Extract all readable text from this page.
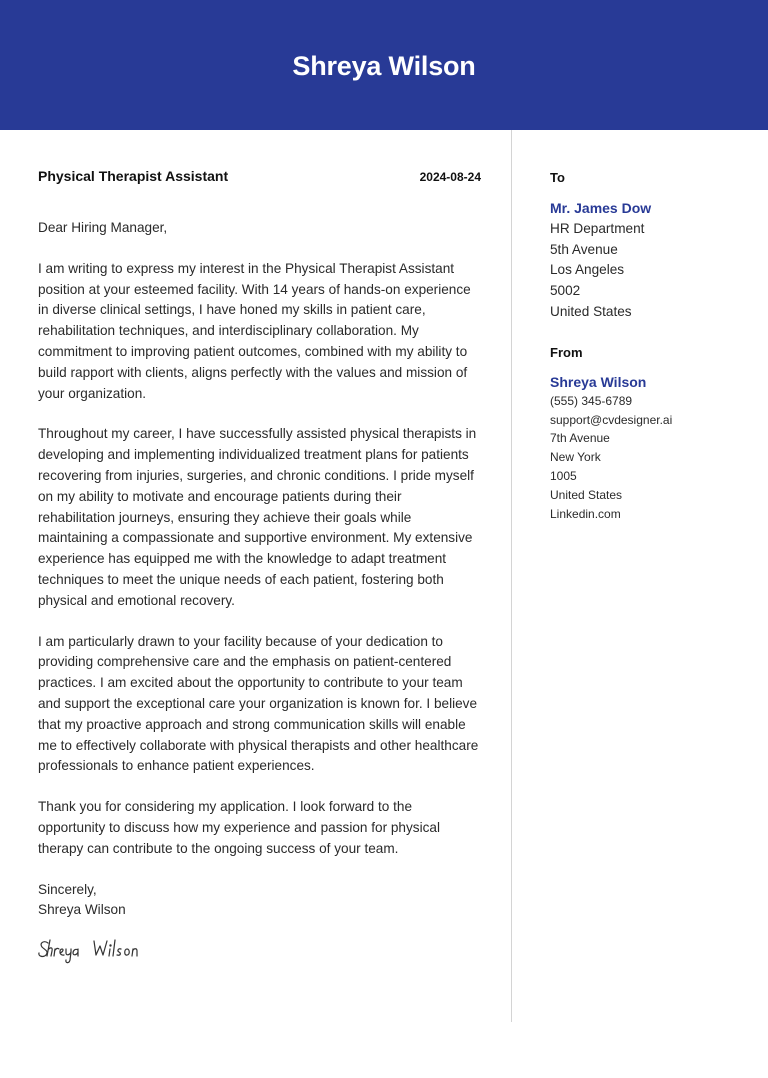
Shreya Wilson
Physical Therapist Assistant	2024-08-24
Dear Hiring Manager,
I am writing to express my interest in the Physical Therapist Assistant position at your esteemed facility. With 14 years of hands-on experience in diverse clinical settings, I have honed my skills in patient care, rehabilitation techniques, and interdisciplinary collaboration. My commitment to improving patient outcomes, combined with my ability to build rapport with clients, aligns perfectly with the values and mission of your organization.
Throughout my career, I have successfully assisted physical therapists in developing and implementing individualized treatment plans for patients recovering from injuries, surgeries, and chronic conditions. I pride myself on my ability to motivate and encourage patients during their rehabilitation journeys, ensuring they achieve their goals while maintaining a compassionate and supportive environment. My extensive experience has equipped me with the knowledge to adapt treatment techniques to meet the unique needs of each patient, fostering both physical and emotional recovery.
I am particularly drawn to your facility because of your dedication to providing comprehensive care and the emphasis on patient-centered practices. I am excited about the opportunity to contribute to your team and support the exceptional care your organization is known for. I believe that my proactive approach and strong communication skills will enable me to effectively collaborate with physical therapists and other healthcare professionals to enhance patient experiences.
Thank you for considering my application. I look forward to the opportunity to discuss how my experience and passion for physical therapy can contribute to the ongoing success of your team.
Sincerely,
Shreya Wilson
To
Mr. James Dow
HR Department
5th Avenue
Los Angeles
5002
United States
From
Shreya Wilson
(555) 345-6789
support@cvdesigner.ai
7th Avenue
New York
1005
United States
Linkedin.com
